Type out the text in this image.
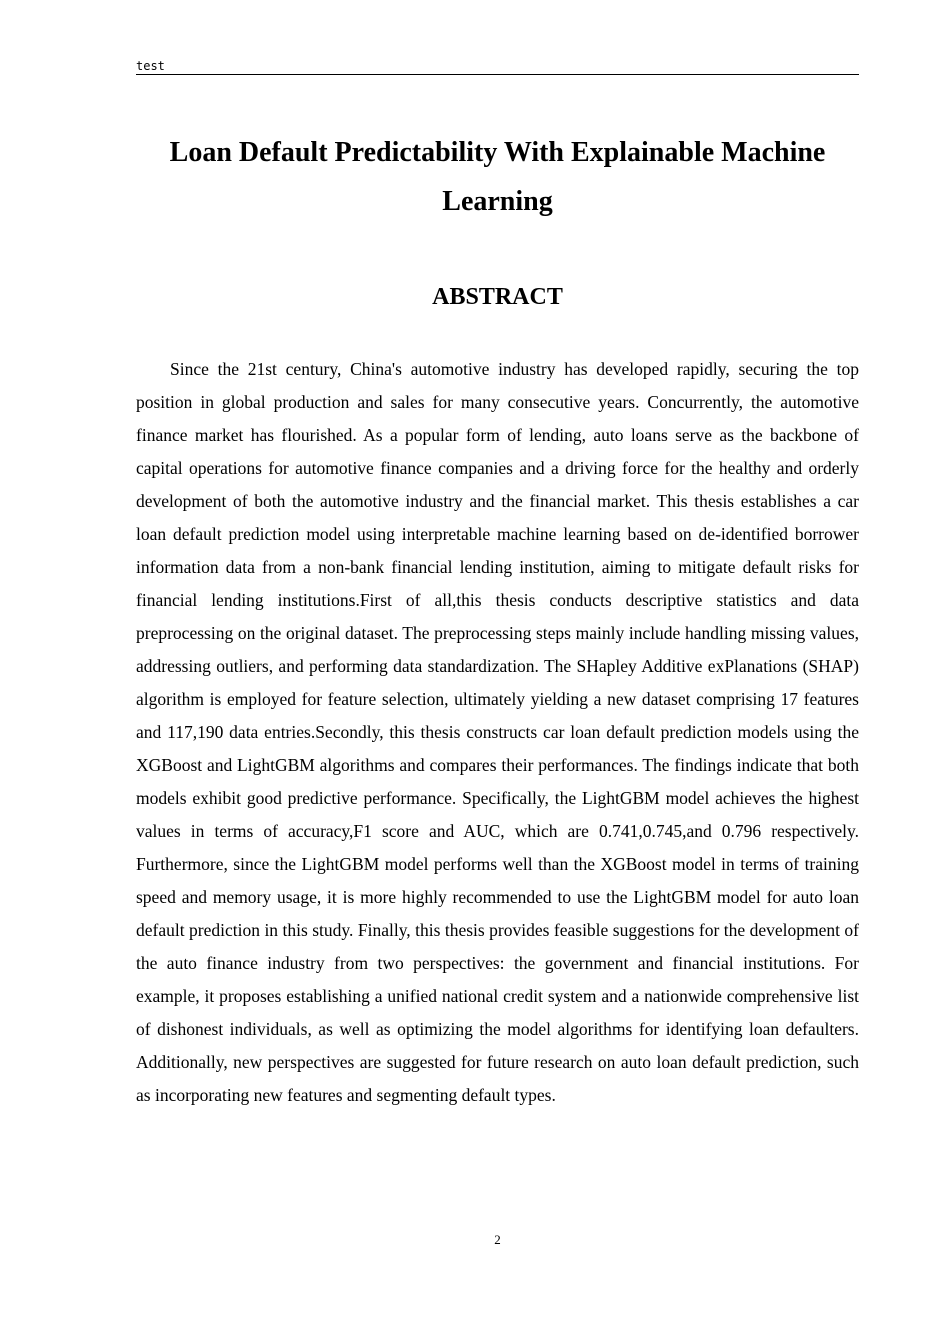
test
Loan Default Predictability With Explainable Machine Learning
ABSTRACT

Since the 21st century, China's automotive industry has developed rapidly, securing the top position in global production and sales for many consecutive years. Concurrently, the automotive finance market has flourished. As a popular form of lending, auto loans serve as the backbone of capital operations for automotive finance companies and a driving force for the healthy and orderly development of both the automotive industry and the financial market. This thesis establishes a car loan default prediction model using interpretable machine learning based on de-identified borrower information data from a non-bank financial lending institution, aiming to mitigate default risks for financial lending institutions.First of all,this thesis conducts descriptive statistics and data preprocessing on the original dataset. The preprocessing steps mainly include handling missing values, addressing outliers, and performing data standardization. The SHapley Additive exPlanations (SHAP) algorithm is employed for feature selection, ultimately yielding a new dataset comprising 17 features and 117,190 data entries.Secondly, this thesis constructs car loan default prediction models using the XGBoost and LightGBM algorithms and compares their performances. The findings indicate that both models exhibit good predictive performance. Specifically, the LightGBM model achieves the highest values in terms of accuracy,F1 score and AUC, which are 0.741,0.745,and 0.796 respectively. Furthermore, since the LightGBM model performs well than the XGBoost model in terms of training speed and memory usage, it is more highly recommended to use the LightGBM model for auto loan default prediction in this study. Finally, this thesis provides feasible suggestions for the development of the auto finance industry from two perspectives: the government and financial institutions. For example, it proposes establishing a unified national credit system and a nationwide comprehensive list of dishonest individuals, as well as optimizing the model algorithms for identifying loan defaulters. Additionally, new perspectives are suggested for future research on auto loan default prediction, such as incorporating new features and segmenting default types.

2
